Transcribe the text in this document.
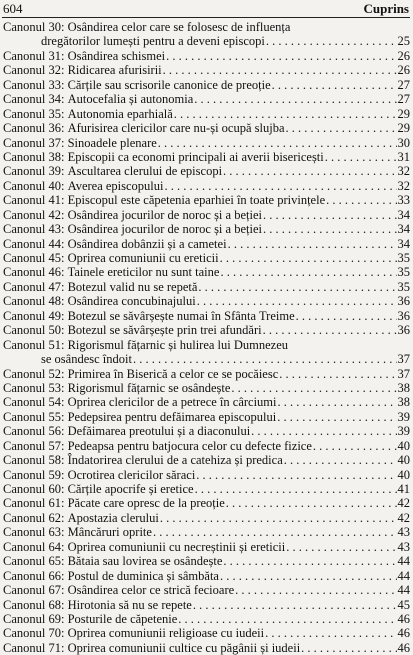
604	Cuprins
Canonul 30:
Osândirea celor care se folosesc de influența
dregătorilor lumești pentru a deveni episcopi . . .	25
Canonul 31:
Osândirea schismei . . .	26
Canonul 32:
Ridicarea afurisirii . . .	26
Canonul 33:
Cărțile sau scrisorile canonice de preoție . . .	27
Canonul 34:
Autocefalia și autonomia . . .	27
Canonul 35:
Autonomia eparhială . . .	29
Canonul 36:
Afurisirea clericilor care nu-și ocupă slujba . . .	29
Canonul 37:
Sinoadele plenare . . .	30
Canonul 38:
Episcopii ca economi principali ai averii bisericești . . .	31
Canonul 39:
Ascultarea clerului de episcopi . . .	32
Canonul 40:
Averea episcopului . . .	32
Canonul 41:
Episcopul este căpetenia eparhiei în toate privințele . . .	33
Canonul 42:
Osândirea jocurilor de noroc și a beției . . .	34
Canonul 43:
Osândirea jocurilor de noroc și a beției . . .	34
Canonul 44:
Osândirea dobânzii și a cametei . . .	34
Canonul 45:
Oprirea comuniunii cu ereticii . . .	35
Canonul 46:
Tainele ereticilor nu sunt taine . . .	35
Canonul 47:
Botezul valid nu se repetă . . .	35
Canonul 48:
Osândirea concubinajului . . .	36
Canonul 49:
Botezul se săvârșește numai în Sfânta Treime . . .	36
Canonul 50:
Botezul se săvârșește prin trei afundări . . .	36
Canonul 51:
Rigorismul fățarnic și hulirea lui Dumnezeu
se osândesc îndoit . . .	37
Canonul 52:
Primirea în Biserică a celor ce se pocăiesc . . .	37
Canonul 53:
Rigorismul fățarnic se osândește . . .	38
Canonul 54:
Oprirea clericilor de a petrece în cârciumi . . .	38
Canonul 55:
Pedepsirea pentru defăimarea episcopului . . .	39
Canonul 56:
Defăimarea preotului și a diaconului . . .	39
Canonul 57:
Pedeapsa pentru batjocura celor cu defecte fizice . . .	40
Canonul 58:
Îndatorirea clerului de a catehiza și predica . . .	40
Canonul 59:
Ocrotirea clericilor săraci . . .	40
Canonul 60:
Cărțile apocrife și eretice . . .	41
Canonul 61:
Păcate care opresc de la preoție . . .	42
Canonul 62:
Apostazia clerului . . .	42
Canonul 63:
Mâncăruri oprite . . .	43
Canonul 64:
Oprirea comuniunii cu necreștinii și ereticii . . .	43
Canonul 65:
Bătaia sau lovirea se osândește . . .	44
Canonul 66:
Postul de duminica și sâmbăta . . .	44
Canonul 67:
Osândirea celor ce strică fecioare . . .	44
Canonul 68:
Hirotonia să nu se repete . . .	45
Canonul 69:
Posturile de căpetenie . . .	46
Canonul 70:
Oprirea comuniunii religioase cu iudeii . . .	46
Canonul 71:
Oprirea comuniunii cultice cu păgânii și iudeii . . .	46
